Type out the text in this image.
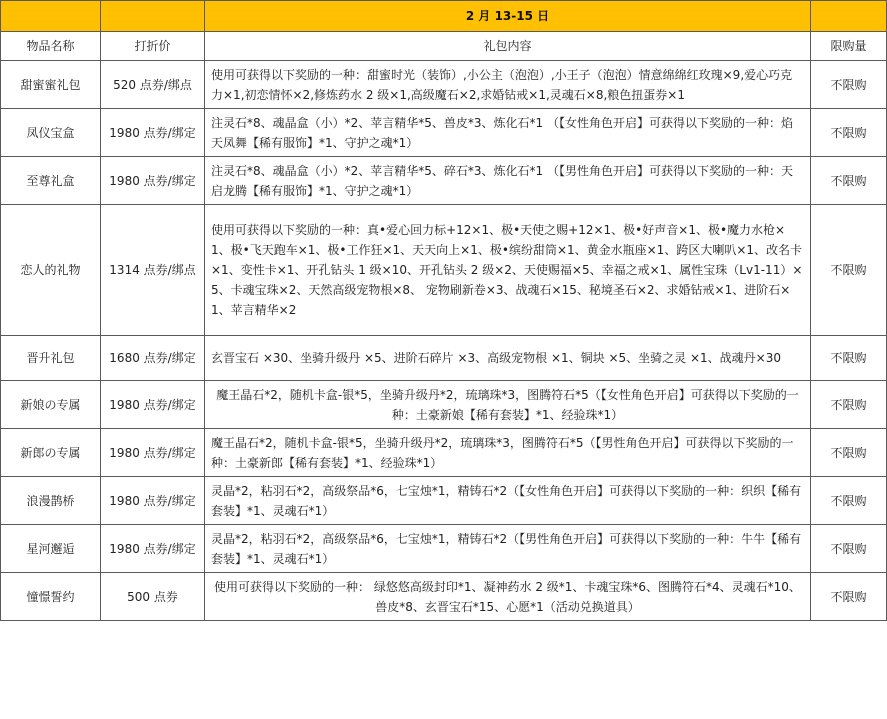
		2 月 13-15 日	
物品名称	打折价	礼包内容	限购量
甜蜜蜜礼包	520 点券/绑点	使用可获得以下奖励的一种：甜蜜时光（装饰）,小公主（泡泡）,小王子（泡泡）情意绵绵红玫瑰×9,爱心巧克力×1,初恋情怀×2,修炼药水 2 级×1,高级魔石×2,求婚钻戒×1,灵魂石×8,粮色扭蛋券×1	不限购
凤仪宝盒	1980 点券/绑定	注灵石*8、魂晶盒（小）*2、苹言精华*5、兽皮*3、炼化石*1 （【女性角色开启】可获得以下奖励的一种：焰天凤舞【稀有服饰】*1、守护之魂*1）	不限购
至尊礼盒	1980 点券/绑定	注灵石*8、魂晶盒（小）*2、苹言精华*5、碎石*3、炼化石*1 （【男性角色开启】可获得以下奖励的一种：天启龙腾【稀有服饰】*1、守护之魂*1）	不限购
恋人的礼物	1314 点券/绑点	使用可获得以下奖励的一种：真•爱心回力标+12×1、极•天使之赐+12×1、极•好声音×1、极•魔力水枪×1、极•飞天跑车×1、极•工作狂×1、天天向上×1、极•缤纷甜筒×1、黄金水瓶座×1、跨区大喇叭×1、改名卡×1、变性卡×1、开孔钻头 1 级×10、开孔钻头 2 级×2、天使赐福×5、幸福之戒×1、属性宝珠（Lv1-11）×5、卡魂宝珠×2、天然高级宠物根×8、 宠物刷新卷×3、战魂石×15、秘境圣石×2、求婚钻戒×1、进阶石×1、苹言精华×2	不限购
晋升礼包	1680 点券/绑定	玄晋宝石 ×30、坐骑升级丹 ×5、进阶石碎片 ×3、高级宠物根 ×1、铜块 ×5、坐骑之灵 ×1、战魂丹×30	不限购
新娘の专属	1980 点券/绑定	魔王晶石*2，随机卡盒-银*5，坐骑升级丹*2，琉璃珠*3，图腾符石*5（【女性角色开启】可获得以下奖励的一种：土豪新娘【稀有套装】*1、经验珠*1）	不限购
新郎の专属	1980 点券/绑定	魔王晶石*2，随机卡盒-银*5，坐骑升级丹*2，琉璃珠*3，图腾符石*5（【男性角色开启】可获得以下奖励的一种：土豪新郎【稀有套装】*1、经验珠*1）	不限购
浪漫鹊桥	1980 点券/绑定	灵晶*2，粘羽石*2，高级祭品*6，七宝烛*1，精铸石*2（【女性角色开启】可获得以下奖励的一种：织织【稀有套装】*1、灵魂石*1）	不限购
星河邂逅	1980 点券/绑定	灵晶*2，粘羽石*2，高级祭品*6，七宝烛*1，精铸石*2（【男性角色开启】可获得以下奖励的一种：牛牛【稀有套装】*1、灵魂石*1）	不限购
憧憬誓约	500 点券	使用可获得以下奖励的一种： 绿悠悠高级封印*1、凝神药水 2 级*1、卡魂宝珠*6、图腾符石*4、灵魂石*10、兽皮*8、玄晋宝石*15、心愿*1（活动兑换道具）	不限购
